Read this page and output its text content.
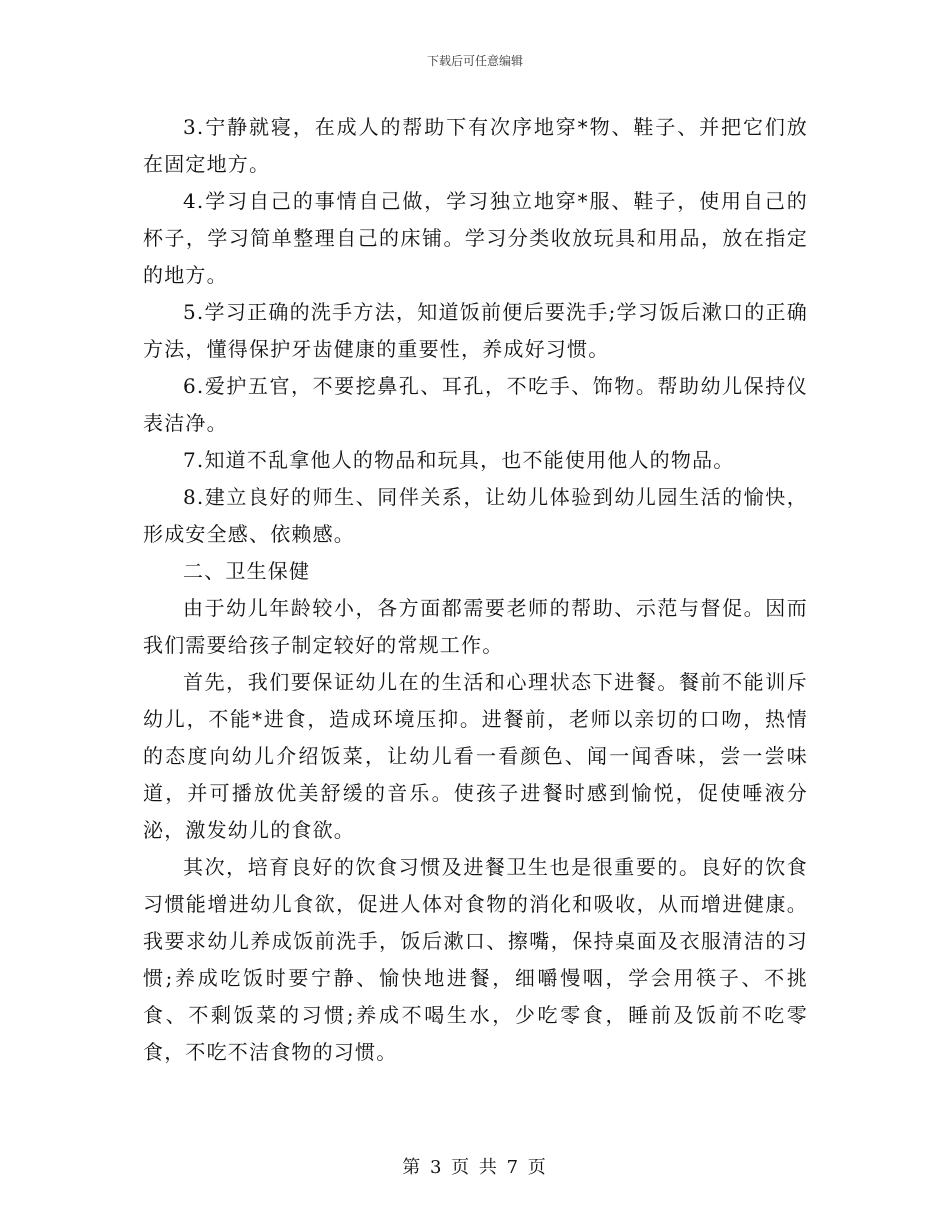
下载后可任意编辑

3.宁静就寝，在成人的帮助下有次序地穿*物、鞋子、并把它们放在固定地方。

4.学习自己的事情自己做，学习独立地穿*服、鞋子，使用自己的杯子，学习简单整理自己的床铺。学习分类收放玩具和用品，放在指定的地方。

5.学习正确的洗手方法，知道饭前便后要洗手;学习饭后漱口的正确方法，懂得保护牙齿健康的重要性，养成好习惯。

6.爱护五官，不要挖鼻孔、耳孔，不吃手、饰物。帮助幼儿保持仪表洁净。

7.知道不乱拿他人的物品和玩具，也不能使用他人的物品。

8.建立良好的师生、同伴关系，让幼儿体验到幼儿园生活的愉快，形成安全感、依赖感。

二、卫生保健

由于幼儿年龄较小，各方面都需要老师的帮助、示范与督促。因而我们需要给孩子制定较好的常规工作。

首先，我们要保证幼儿在的生活和心理状态下进餐。餐前不能训斥幼儿，不能*进食，造成环境压抑。进餐前，老师以亲切的口吻，热情的态度向幼儿介绍饭菜，让幼儿看一看颜色、闻一闻香味，尝一尝味道，并可播放优美舒缓的音乐。使孩子进餐时感到愉悦，促使唾液分泌，激发幼儿的食欲。

其次，培育良好的饮食习惯及进餐卫生也是很重要的。良好的饮食习惯能增进幼儿食欲，促进人体对食物的消化和吸收，从而增进健康。我要求幼儿养成饭前洗手，饭后漱口、擦嘴，保持桌面及衣服清洁的习惯;养成吃饭时要宁静、愉快地进餐，细嚼慢咽，学会用筷子、不挑食、不剩饭菜的习惯;养成不喝生水，少吃零食，睡前及饭前不吃零食，不吃不洁食物的习惯。

第 3 页 共 7 页
